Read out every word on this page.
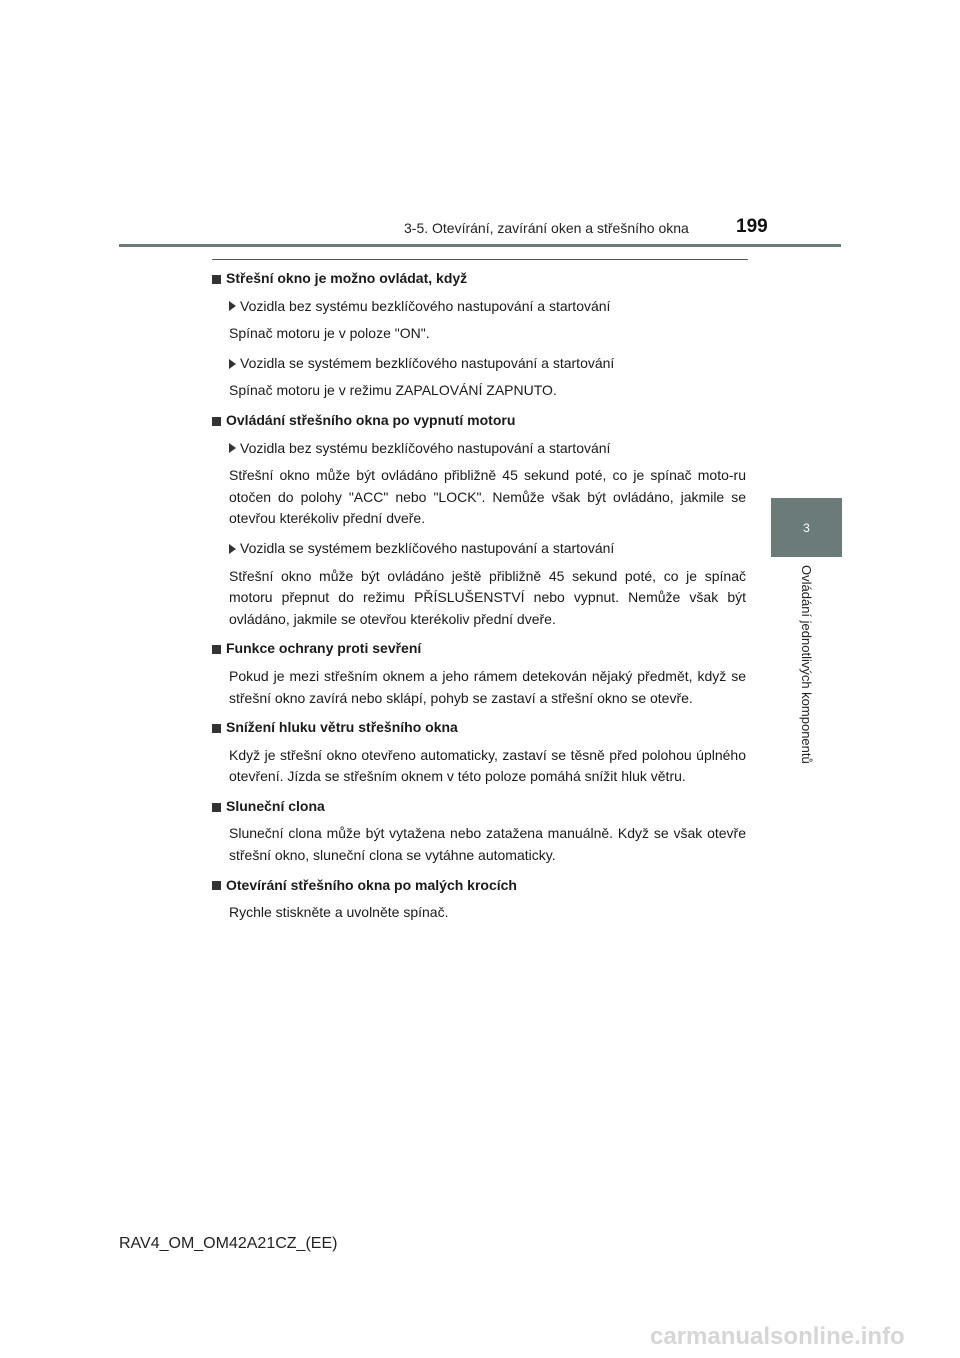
3-5. Otevírání, zavírání oken a střešního okna 199
3
Ovládání jednotlivých komponentů
Střešní okno je možno ovládat, když
Vozidla bez systému bezklíčového nastupování a startování
Spínač motoru je v poloze "ON".
Vozidla se systémem bezklíčového nastupování a startování
Spínač motoru je v režimu ZAPALOVÁNÍ ZAPNUTO.
Ovládání střešního okna po vypnutí motoru
Vozidla bez systému bezklíčového nastupování a startování
Střešní okno může být ovládáno přibližně 45 sekund poté, co je spínač moto-ru otočen do polohy "ACC" nebo "LOCK". Nemůže však být ovládáno, jakmile se otevřou kterékoliv přední dveře.
Vozidla se systémem bezklíčového nastupování a startování
Střešní okno může být ovládáno ještě přibližně 45 sekund poté, co je spínač motoru přepnut do režimu PŘÍSLUŠENSTVÍ nebo vypnut. Nemůže však být ovládáno, jakmile se otevřou kterékoliv přední dveře.
Funkce ochrany proti sevření
Pokud je mezi střešním oknem a jeho rámem detekován nějaký předmět, když se střešní okno zavírá nebo sklápí, pohyb se zastaví a střešní okno se otevře.
Snížení hluku větru střešního okna
Když je střešní okno otevřeno automaticky, zastaví se těsně před polohou úplného otevření. Jízda se střešním oknem v této poloze pomáhá snížit hluk větru.
Sluneční clona
Sluneční clona může být vytažena nebo zatažena manuálně. Když se však otevře střešní okno, sluneční clona se vytáhne automaticky.
Otevírání střešního okna po malých krocích
Rychle stiskněte a uvolněte spínač.
RAV4_OM_OM42A21CZ_(EE)
carmanualsonline.info
